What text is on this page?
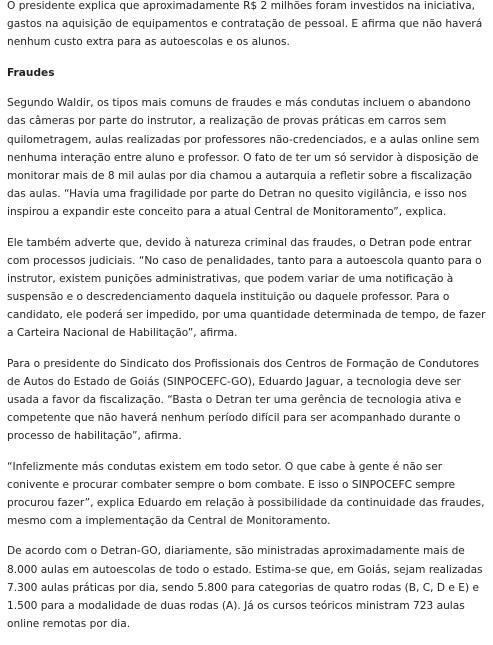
O presidente explica que aproximadamente R$ 2 milhões foram investidos na iniciativa, gastos na aquisição de equipamentos e contratação de pessoal. E afirma que não haverá nenhum custo extra para as autoescolas e os alunos.

Fraudes

Segundo Waldir, os tipos mais comuns de fraudes e más condutas incluem o abandono das câmeras por parte do instrutor, a realização de provas práticas em carros sem quilometragem, aulas realizadas por professores não-credenciados, e a aulas online sem nenhuma interação entre aluno e professor. O fato de ter um só servidor à disposição de monitorar mais de 8 mil aulas por dia chamou a autarquia a refletir sobre a fiscalização das aulas. “Havia uma fragilidade por parte do Detran no quesito vigilância, e isso nos inspirou a expandir este conceito para a atual Central de Monitoramento”, explica.

Ele também adverte que, devido à natureza criminal das fraudes, o Detran pode entrar com processos judiciais. “No caso de penalidades, tanto para a autoescola quanto para o instrutor, existem punições administrativas, que podem variar de uma notificação à suspensão e o descredenciamento daquela instituição ou daquele professor. Para o candidato, ele poderá ser impedido, por uma quantidade determinada de tempo, de fazer a Carteira Nacional de Habilitação”, afirma.

Para o presidente do Sindicato dos Profissionais dos Centros de Formação de Condutores de Autos do Estado de Goiás (SINPOCEFC-GO), Eduardo Jaguar, a tecnologia deve ser usada a favor da fiscalização. “Basta o Detran ter uma gerência de tecnologia ativa e competente que não haverá nenhum período difícil para ser acompanhado durante o processo de habilitação”, afirma.

“Infelizmente más condutas existem em todo setor. O que cabe à gente é não ser conivente e procurar combater sempre o bom combate. E isso o SINPOCEFC sempre procurou fazer”, explica Eduardo em relação à possibilidade da continuidade das fraudes, mesmo com a implementação da Central de Monitoramento.

De acordo com o Detran-GO, diariamente, são ministradas aproximadamente mais de 8.000 aulas em autoescolas de todo o estado. Estima-se que, em Goiás, sejam realizadas 7.300 aulas práticas por dia, sendo 5.800 para categorias de quatro rodas (B, C, D e E) e 1.500 para a modalidade de duas rodas (A). Já os cursos teóricos ministram 723 aulas online remotas por dia.
